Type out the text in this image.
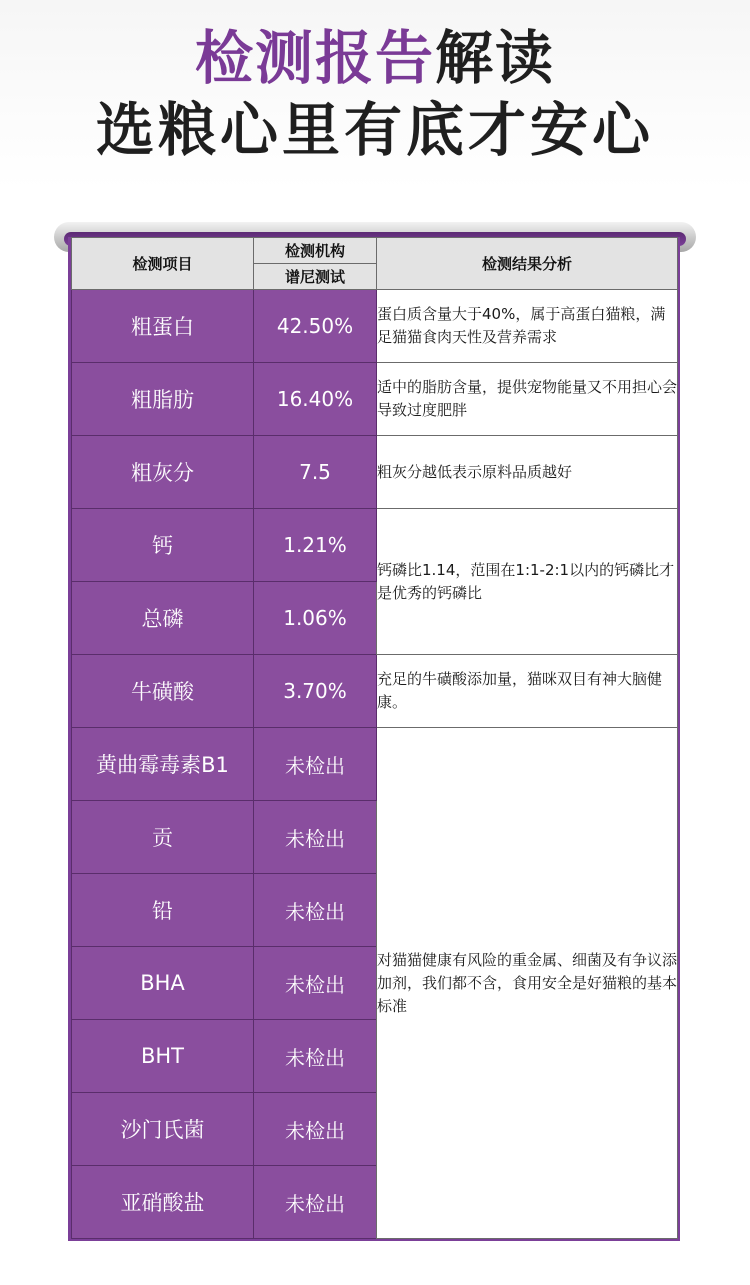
检测报告解读
选粮心里有底才安心
检测项目	检测机构	检测结果分析
	谱尼测试	
粗蛋白	42.50%	蛋白质含量大于40%，属于高蛋白猫粮，满足猫猫食肉天性及营养需求
粗脂肪	16.40%	适中的脂肪含量，提供宠物能量又不用担心会导致过度肥胖
粗灰分	7.5	粗灰分越低表示原料品质越好
钙	1.21%	钙磷比1.14，范围在1:1-2:1以内的钙磷比才是优秀的钙磷比
总磷	1.06%	
牛磺酸	3.70%	充足的牛磺酸添加量，猫咪双目有神大脑健康。
黄曲霉毒素B1	未检出	对猫猫健康有风险的重金属、细菌及有争议添加剂，我们都不含，食用安全是好猫粮的基本标准
贡	未检出	
铅	未检出	
BHA	未检出	
BHT	未检出	
沙门氏菌	未检出	
亚硝酸盐	未检出	
